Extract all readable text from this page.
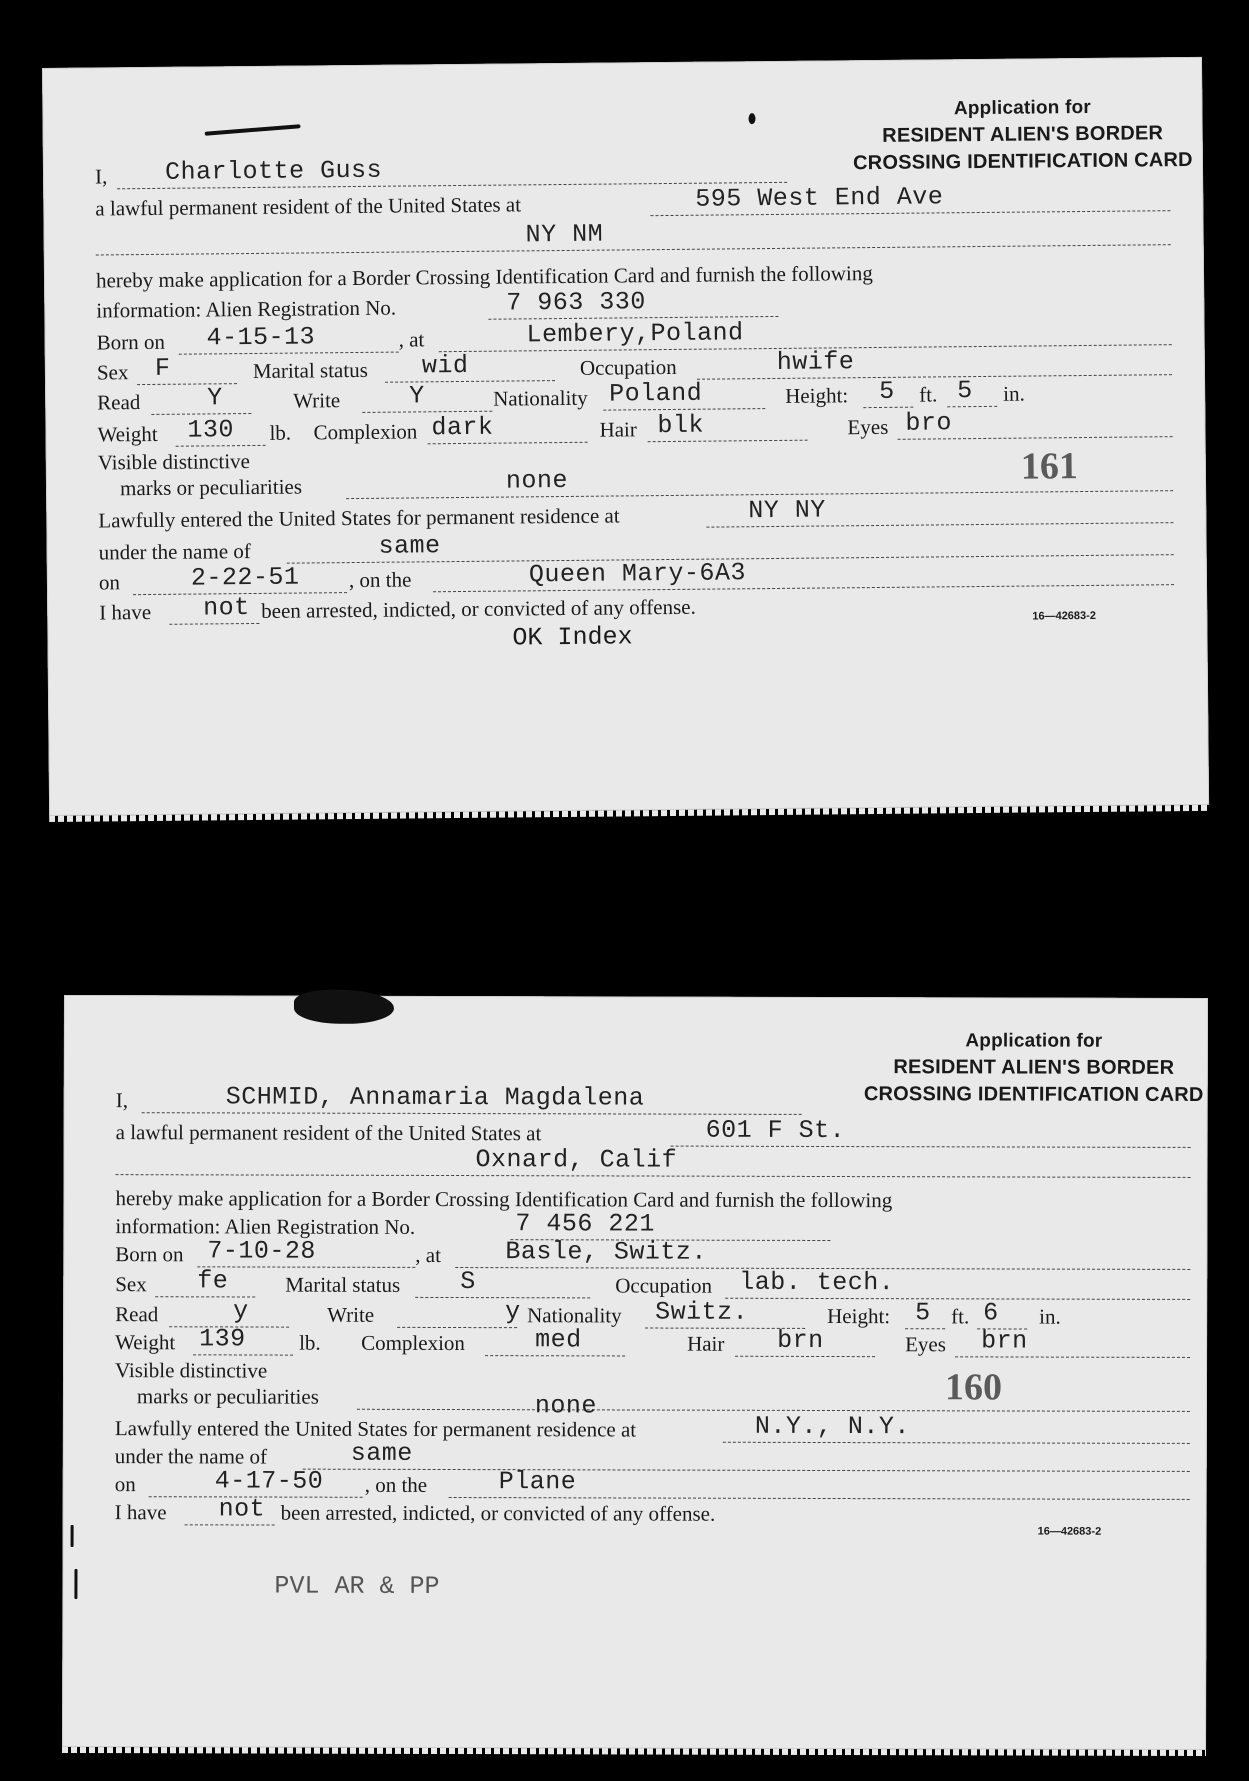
Application for
RESIDENT ALIEN'S BORDER
CROSSING IDENTIFICATION CARD
I, Charlotte Guss
a lawful permanent resident of the United States at	595 West End Ave
NY NM
hereby make application for a Border Crossing Identification Card and furnish the following
information: Alien Registration No.	7 963 330
Born on 4-15-13	, at	Lembery,Poland
Sex F	Marital status wid	Occupation	hwife
Read	Y	Write	Y	Nationality Poland	Height: 5 ft. 5 in.
Weight 130 lb. Complexion dark	Hair blk	Eyes bro
Visible distinctive
marks or peculiarities	none	161
Lawfully entered the United States for permanent residence at	NY NY
under the name of	same
on	2-22-51 , on the	Queen Mary-6A3
I have not been arrested, indicted, or convicted of any offense.	16—42683-2
OK Index
Application for
RESIDENT ALIEN'S BORDER
CROSSING IDENTIFICATION CARD
I,	SCHMID, Annamaria Magdalena
a lawful permanent resident of the United States at	601 F St.
Oxnard, Calif
hereby make application for a Border Crossing Identification Card and furnish the following
information: Alien Registration No.	7 456 221
Born on 7-10-28	, at	Basle, Switz.
Sex fe	Marital status S	Occupation lab. tech.
Read	y	Write	y Nationality Switz.	Height: 5 ft. 6 in.
Weight 139	lb. Complexion	med	Hair brn	Eyes brn
Visible distinctive
marks or peculiarities	none	160
Lawfully entered the United States for permanent residence at	N.Y., N.Y.
under the name of	same
on	4-17-50 , on the	Plane
I have not been arrested, indicted, or convicted of any offense.
16—42683-2
PVL AR & PP
